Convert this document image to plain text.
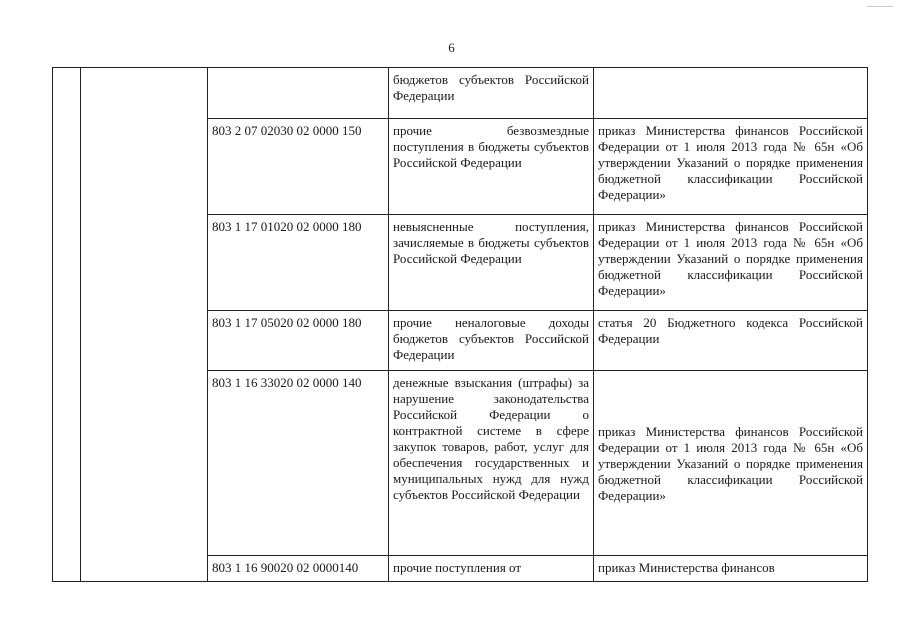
6
			бюджетов субъектов Российской Федерации	
		803 2 07 02030 02 0000 150	прочие безвозмездные поступления в бюджеты субъектов Российской Федерации	приказ Министерства финансов Российской Федерации от 1 июля 2013 года № 65н «Об утверждении Указаний о порядке применения бюджетной классификации Российской Федерации»
		803 1 17 01020 02 0000 180	невыясненные поступления, зачисляемые в бюджеты субъектов Российской Федерации	приказ Министерства финансов Российской Федерации от 1 июля 2013 года № 65н «Об утверждении Указаний о порядке применения бюджетной классификации Российской Федерации»
		803 1 17 05020 02 0000 180	прочие неналоговые доходы бюджетов субъектов Российской Федерации	статья 20 Бюджетного кодекса Российской Федерации
		803 1 16 33020 02 0000 140	денежные взыскания (штрафы) за нарушение законодательства Российской Федерации о контрактной системе в сфере закупок товаров, работ, услуг для обеспечения государственных и муниципальных нужд для нужд субъектов Российской Федерации	приказ Министерства финансов Российской Федерации от 1 июля 2013 года № 65н «Об утверждении Указаний о порядке применения бюджетной классификации Российской Федерации»
		803 1 16 90020 02 0000140	прочие поступления от	приказ Министерства финансов
